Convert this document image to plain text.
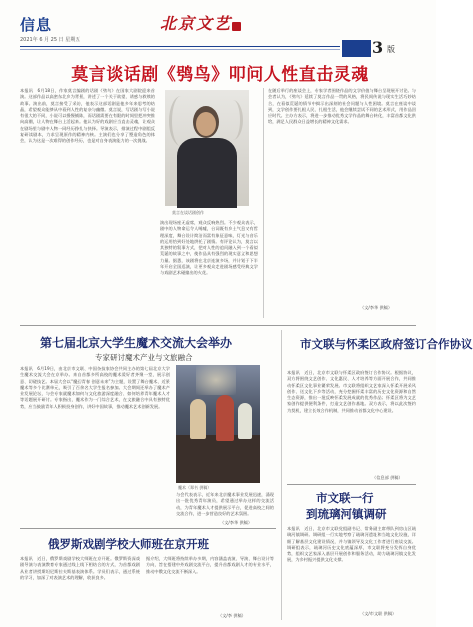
信息
2021年 6 月 25 日 星期五
北京文艺
3 版
莫言谈话剧《鸮鸟》叩问人性直击灵魂
本报讯　6月18日，作家莫言编剧的话剧《鸮鸟》在国家大剧院迎来首演。这部作品以高密东北乡为背景，讲述了一个关于欲望、诱惑与救赎的故事。演出前，莫言接受了采访，他表示这部话剧是他多年来思考的结晶，希望观众能够从中看到人性的复杂与幽微。莫言说，写话剧与写小说有很大的不同，小说可以慢慢铺陈，而话剧需要在有限的时间里把冲突推向高潮，让人物在舞台上活起来。他认为好的戏剧应当直击灵魂，让观众在剧场里与剧中人物一同经历挣扎与抉择。导演表示，排演过程中剧组反复研读剧本，力求呈现原作的精神内核。主演们也分享了塑造角色的体会，认为这是一次难得的创作经历，也是对自身表演能力的一次挑战。
莫言在谈话剧创作
演出现场座无虚席，观众反响热烈。不少观众表示，剧中的人物命运令人唏嘘，台词既有乡土气息又有哲理深度，舞台设计简洁而富有象征意味，灯光与音乐的运用恰到好处地烘托了剧情。有评论认为，莫言以其独特的叙事方式，把对人性的追问融入到一个看似荒诞的故事之中，使作品具有强烈的现实意义和思想力量。据悉，该剧将在北京连演多场，并计划于下半年开启全国巡演，让更多观众走进剧场感受经典文学与戏剧艺术碰撞出的火花。
在随后举行的座谈会上，专家学者围绕作品的文学价值与舞台呈现展开讨论。与会者认为，《鸮鸟》延续了莫言作品一贯的风格，将民间传说与现实生活巧妙结合，在看似荒诞的情节中揭示出深刻的社会问题与人性困境。莫言在座谈中谈到，文学创作要扎根人民、扎根生活，他会继续尝试不同的艺术形式，用作品回应时代。主办方表示，将进一步推动优秀文学作品的舞台转化，丰富首都文化供给，满足人民群众日益增长的精神文化需求。
（文/李华 供稿）
第七届北京大学生魔术交流大会举办
专家研讨魔术产业与文旅融合
本报讯　6月19日，由北京市文联、中国杂技家协会共同主办的第七届北京大学生魔术交流大会在京举办。来自首都多所高校的魔术爱好者齐聚一堂，展示创意、切磋技艺。本届大会以“魔幻青春 创意未来”为主题，设置了舞台魔术、近景魔术等多个比赛单元，吸引了百余名大学生报名参加。大会期间还举办了魔术产业发展论坛，与会专家就魔术如何与文化旅游深度融合、如何培养青年魔术人才等话题展开研讨。专家指出，魔术作为一门综合艺术，在文旅融合中具有独特优势，应当鼓励青年人积极投身创作，讲好中国故事，推动魔术艺术创新发展。
魔术（郑书 供稿）
与会代表表示，近年来北京魔术事业发展迅速，涌现出一批优秀青年演员，希望通过举办这样的交流活动，为青年魔术人才提供展示平台，促进高校之间的交流合作，进一步营造良好的艺术氛围。
（文/李华 供稿）
俄罗斯戏剧学校大师班在京开班
本报讯　近日，俄罗斯戏剧学校大师班在京开班。俄罗斯资深戏剧导演与表演教育专家通过线上线下相结合的方式，为首都戏剧从业者讲授斯坦尼斯拉夫斯基表演体系。学员们表示，通过系统的学习，加深了对表演艺术的理解，收获良多。
据介绍，大师班将持续举办多期，内容涵盖表演、导演、舞台设计等方向，旨在搭建中外戏剧交流平台，提升首都戏剧人才的专业水平，推动中俄文化交流不断深入。
（文/李 供稿）
市文联与怀柔区政府签订合作协议
本报讯　近日，北京市文联与怀柔区政府签订合作协议。根据协议，双方将围绕文艺创作、文化惠民、人才培养等方面开展合作，共同推动怀柔区文化事业繁荣发展。市文联将组织文艺家深入怀柔开展采风创作、送文化下乡等活动，充分挖掘怀柔丰富的历史文化资源和自然生态资源，推出一批反映怀柔发展成就的优秀作品；怀柔区将为文艺家创作提供便利条件，打造文艺创作基地。双方表示，将以此次签约为契机，建立长效合作机制，共同推动首都文化中心建设。
（信息部 供稿）
市文联一行
到琉璃河镇调研
本报讯　近日，北京市文联党组副书记、常务副主席带队到房山区琉璃河镇调研。调研组一行实地考察了琉璃河遗址和当地文化设施，详细了解基层文化建设情况，并与镇领导及文化工作者进行座谈交流。调研组表示，琉璃河历史文化底蕴深厚，市文联将充分发挥自身优势，组织文艺家深入基层开展创作和服务活动，助力琉璃河镇文化发展，为乡村振兴提供文化支撑。
（文/市文联 供稿）
